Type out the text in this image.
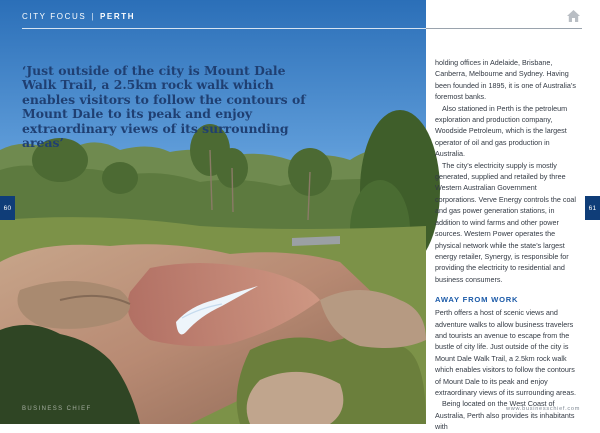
CITY FOCUS | PERTH
‘Just outside of the city is Mount Dale Walk Trail, a 2.5km rock walk which enables visitors to follow the contours of Mount Dale to its peak and enjoy extraordinary views of its surrounding areas’
60	61

holding offices in Adelaide, Brisbane, Canberra, Melbourne and Sydney. Having been founded in 1895, it is one of Australia’s foremost banks.

Also stationed in Perth is the petroleum exploration and production company, Woodside Petroleum, which is the largest operator of oil and gas production in Australia.

The city’s electricity supply is mostly generated, supplied and retailed by three Western Australian Government corporations. Verve Energy controls the coal and gas power generation stations, in addition to wind farms and other power sources. Western Power operates the physical network while the state’s largest energy retailer, Synergy, is responsible for providing the electricity to residential and business consumers.

AWAY FROM WORK

Perth offers a host of scenic views and adventure walks to allow business travelers and tourists an avenue to escape from the bustle of city life. Just outside of the city is Mount Dale Walk Trail, a 2.5km rock walk which enables visitors to follow the contours of Mount Dale to its peak and enjoy extraordinary views of its surrounding areas.

Being located on the West Coast of Australia, Perth also provides its inhabitants with

BUSINESS CHIEF	www.businesschief.com
